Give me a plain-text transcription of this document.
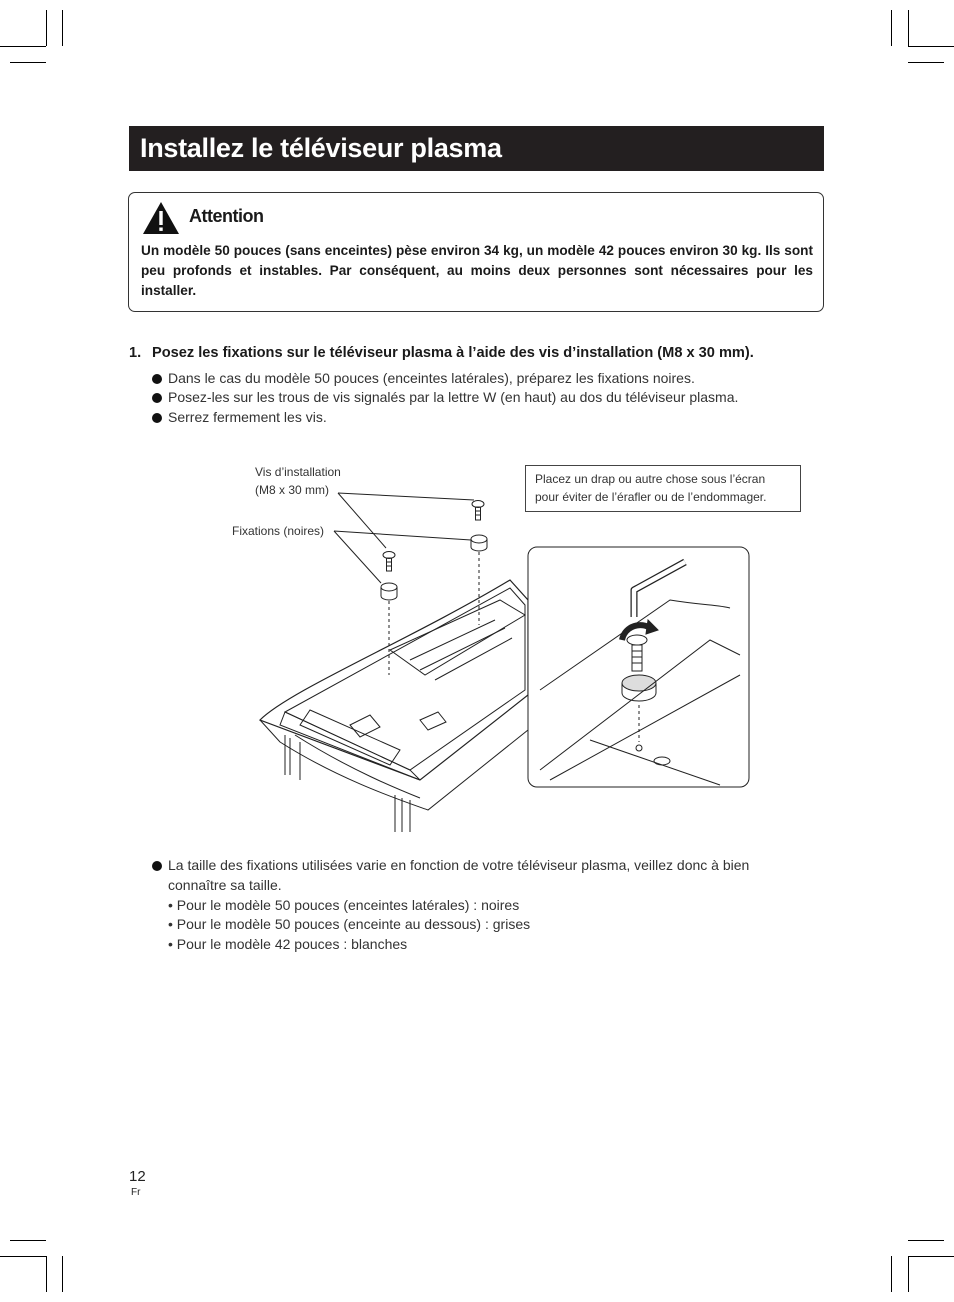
Installez le téléviseur plasma
Attention
Un modèle 50 pouces (sans enceintes) pèse environ 34 kg, un modèle 42 pouces environ 30 kg. Ils sont peu profonds et instables. Par conséquent, au moins deux personnes sont nécessaires pour les installer.
1. Posez les fixations sur le téléviseur plasma à l’aide des vis d’installation (M8 x 30 mm).
Dans le cas du modèle 50 pouces (enceintes latérales), préparez les fixations noires.
Posez-les sur les trous de vis signalés par la lettre W (en haut) au dos du téléviseur plasma.
Serrez fermement les vis.
Vis d’installation
(M8 x 30 mm)
Fixations (noires)
Placez un drap ou autre chose sous l’écran
pour éviter de l’érafler ou de l’endommager.
La taille des fixations utilisées varie en fonction de votre téléviseur plasma, veillez donc à bien
connaître sa taille.
• Pour le modèle 50 pouces (enceintes latérales) : noires
• Pour le modèle 50 pouces (enceinte au dessous) : grises
• Pour le modèle 42 pouces : blanches
12
Fr
